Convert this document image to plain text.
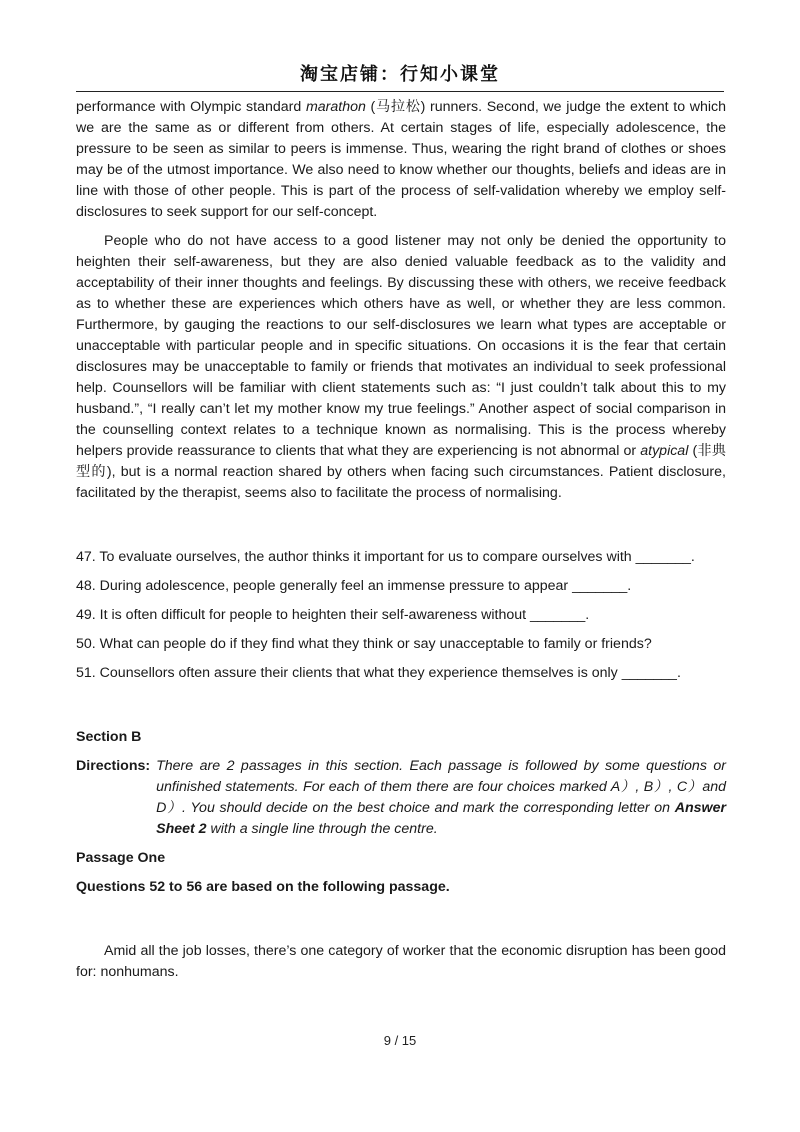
淘宝店铺：行知小课堂

performance with Olympic standard marathon (马拉松) runners. Second, we judge the extent to which we are the same as or different from others. At certain stages of life, especially adolescence, the pressure to be seen as similar to peers is immense. Thus, wearing the right brand of clothes or shoes may be of the utmost importance. We also need to know whether our thoughts, beliefs and ideas are in line with those of other people. This is part of the process of self-validation whereby we employ self-disclosures to seek support for our self-concept.

People who do not have access to a good listener may not only be denied the opportunity to heighten their self-awareness, but they are also denied valuable feedback as to the validity and acceptability of their inner thoughts and feelings. By discussing these with others, we receive feedback as to whether these are experiences which others have as well, or whether they are less common. Furthermore, by gauging the reactions to our self-disclosures we learn what types are acceptable or unacceptable with particular people and in specific situations. On occasions it is the fear that certain disclosures may be unacceptable to family or friends that motivates an individual to seek professional help. Counsellors will be familiar with client statements such as: “I just couldn’t talk about this to my husband.”, “I really can’t let my mother know my true feelings.” Another aspect of social comparison in the counselling context relates to a technique known as normalising. This is the process whereby helpers provide reassurance to clients that what they are experiencing is not abnormal or atypical (非典型的), but is a normal reaction shared by others when facing such circumstances. Patient disclosure, facilitated by the therapist, seems also to facilitate the process of normalising.

47. To evaluate ourselves, the author thinks it important for us to compare ourselves with _______.

48. During adolescence, people generally feel an immense pressure to appear _______.

49. It is often difficult for people to heighten their self-awareness without _______.

50. What can people do if they find what they think or say unacceptable to family or friends?

51. Counsellors often assure their clients that what they experience themselves is only _______.

Section B

Directions: There are 2 passages in this section. Each passage is followed by some questions or unfinished statements. For each of them there are four choices marked A）, B）, C）and D）. You should decide on the best choice and mark the corresponding letter on Answer Sheet 2 with a single line through the centre.

Passage One

Questions 52 to 56 are based on the following passage.

Amid all the job losses, there’s one category of worker that the economic disruption has been good for: nonhumans.

9 / 15
